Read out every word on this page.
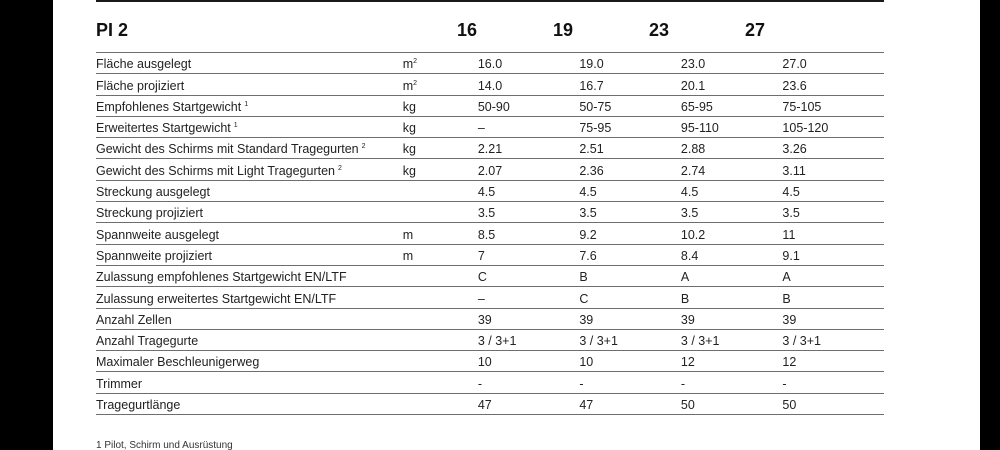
PI 2	16	19	23	27
Fläche ausgelegt	$m^2$	16.0	19.0	23.0	27.0
Fläche projiziert	$m^2$	14.0	16.7	20.1	23.6
Empfohlenes Startgewicht $^1$	kg	50-90	50-75	65-95	75-105
Erweitertes Startgewicht $^1$	kg	–	75-95	95-110	105-120
Gewicht des Schirms mit Standard Tragegurten $^2$	kg	2.21	2.51	2.88	3.26
Gewicht des Schirms mit Light Tragegurten $^2$	kg	2.07	2.36	2.74	3.11
Streckung ausgelegt		4.5	4.5	4.5	4.5
Streckung projiziert		3.5	3.5	3.5	3.5
Spannweite ausgelegt	m	8.5	9.2	10.2	11
Spannweite projiziert	m	7	7.6	8.4	9.1
Zulassung empfohlenes Startgewicht EN/LTF		C	B	A	A
Zulassung erweitertes Startgewicht EN/LTF		–	C	B	B
Anzahl Zellen		39	39	39	39
Anzahl Tragegurte		3 / 3+1	3 / 3+1	3 / 3+1	3 / 3+1
Maximaler Beschleunigerweg		10	10	12	12
Trimmer		-	-	-	-
Tragegurtlänge		47	47	50	50
1 Pilot, Schirm und Ausrüstung
